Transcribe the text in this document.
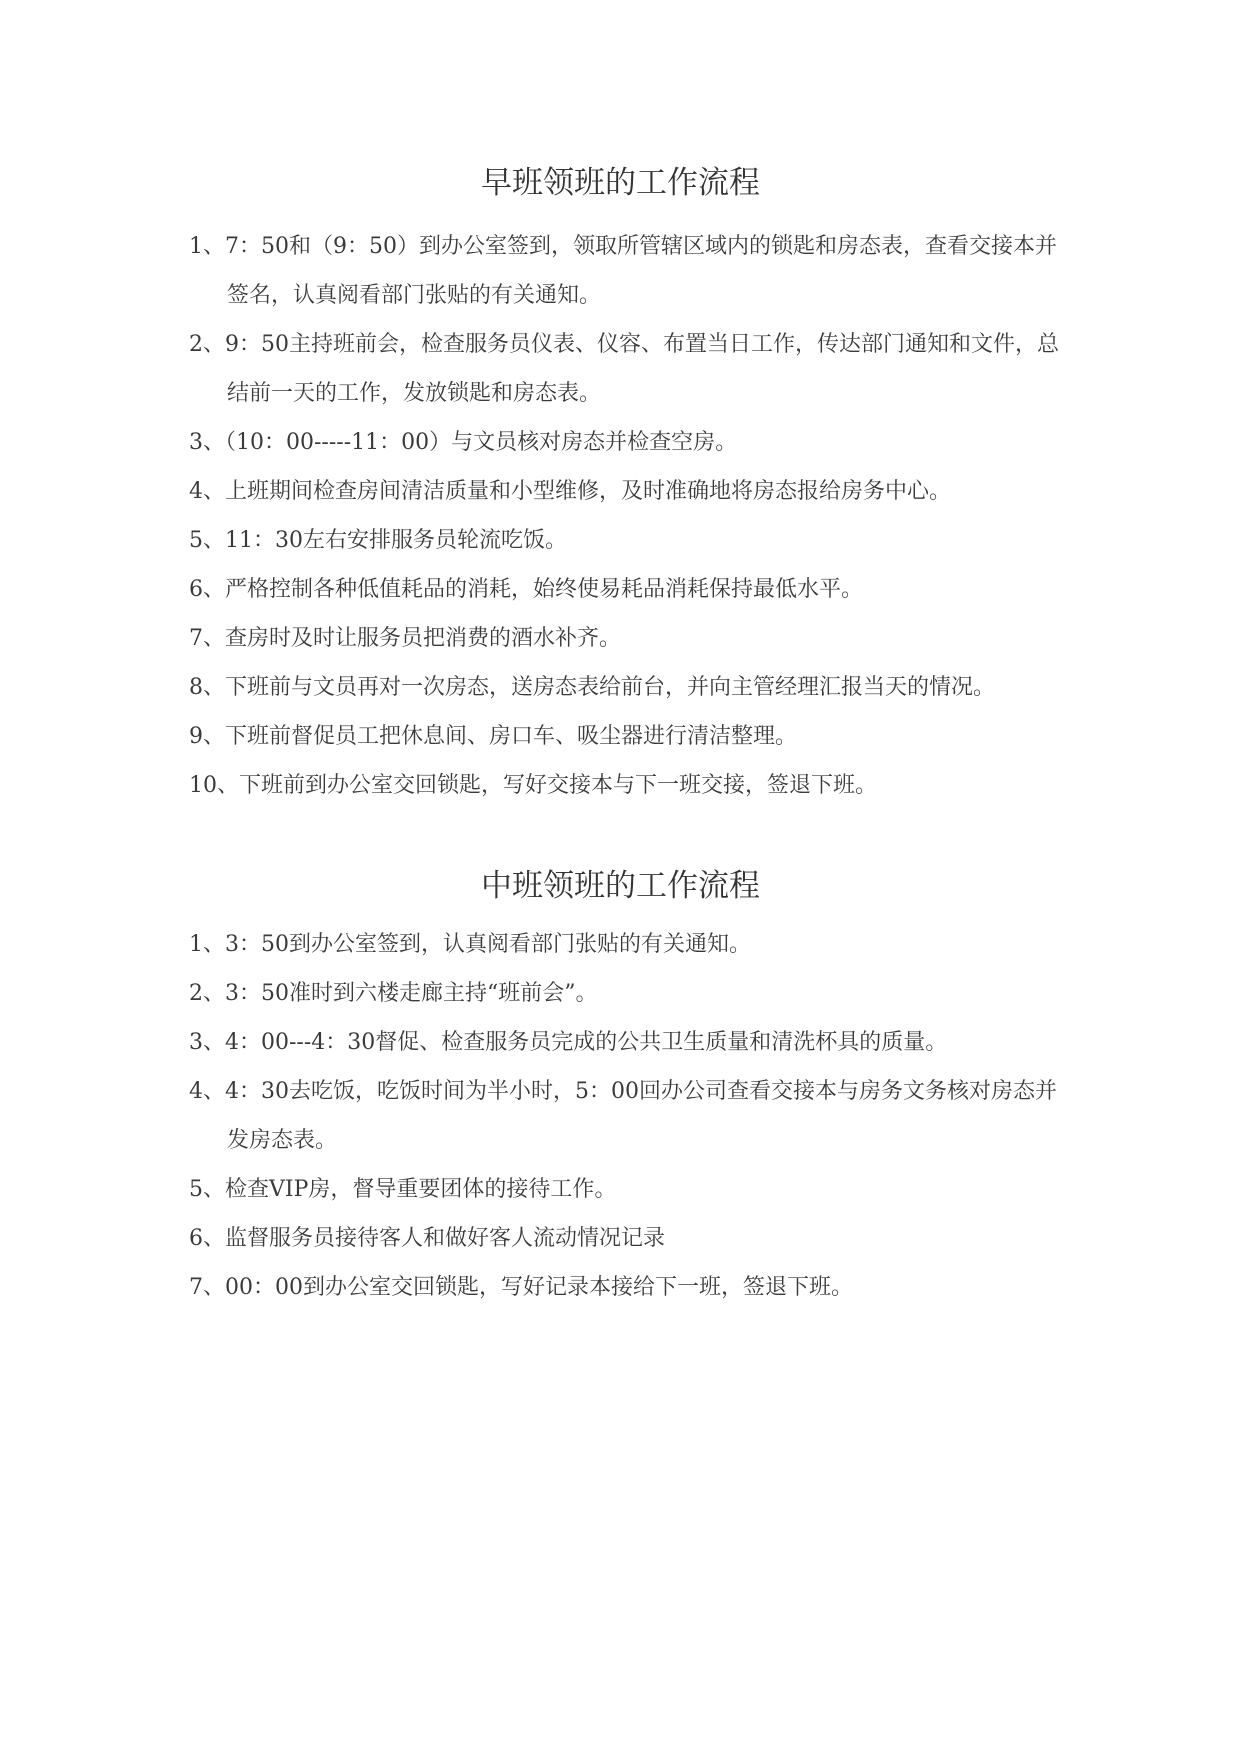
早班领班的工作流程
1、7：50和（9：50）到办公室签到，领取所管辖区域内的锁匙和房态表，查看交接本并签名，认真阅看部门张贴的有关通知。
2、9：50主持班前会，检查服务员仪表、仪容、布置当日工作，传达部门通知和文件，总结前一天的工作，发放锁匙和房态表。
3、（10：00-----11：00）与文员核对房态并检查空房。
4、上班期间检查房间清洁质量和小型维修，及时准确地将房态报给房务中心。
5、11：30左右安排服务员轮流吃饭。
6、严格控制各种低值耗品的消耗，始终使易耗品消耗保持最低水平。
7、查房时及时让服务员把消费的酒水补齐。
8、下班前与文员再对一次房态，送房态表给前台，并向主管经理汇报当天的情况。
9、下班前督促员工把休息间、房口车、吸尘器进行清洁整理。
10、下班前到办公室交回锁匙，写好交接本与下一班交接，签退下班。
中班领班的工作流程
1、3：50到办公室签到，认真阅看部门张贴的有关通知。
2、3：50准时到六楼走廊主持“班前会”。
3、4：00---4：30督促、检查服务员完成的公共卫生质量和清洗杯具的质量。
4、4：30去吃饭，吃饭时间为半小时，5：00回办公司查看交接本与房务文务核对房态并发房态表。
5、检查VIP房，督导重要团体的接待工作。
6、监督服务员接待客人和做好客人流动情况记录
7、00：00到办公室交回锁匙，写好记录本接给下一班，签退下班。
